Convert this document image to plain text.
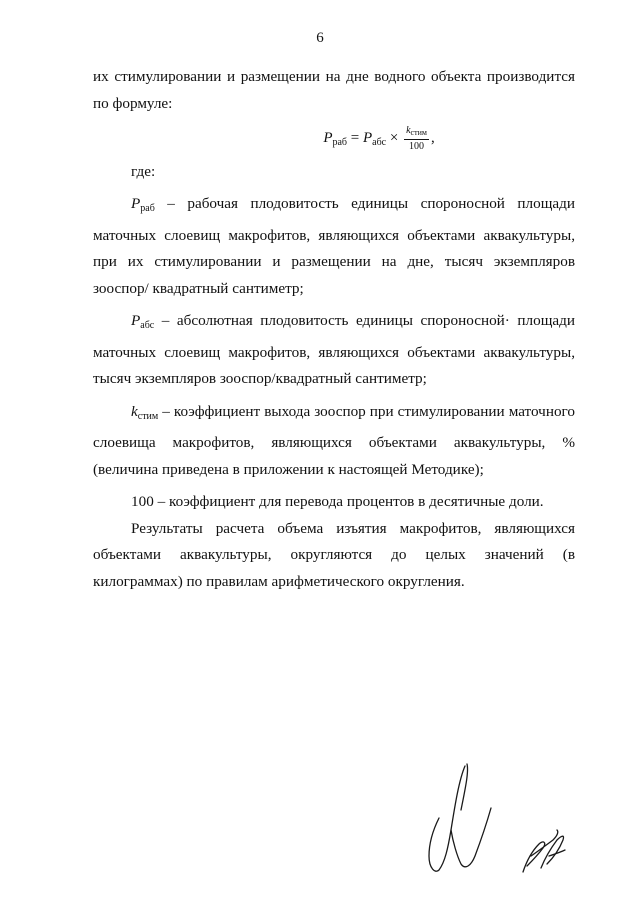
6

их стимулировании и размещении на дне водного объекта производится по формуле:

$P_{раб} = P_{абс} \times \frac{k_{стим}}{100}$ ,

где:

$P_{раб}$ – рабочая плодовитость единицы спороносной площади маточных слоевищ макрофитов, являющихся объектами аквакультуры, при их стимулировании и размещении на дне, тысяч экземпляров зооспор/ квадратный сантиметр;

$P_{абс}$ – абсолютная плодовитость единицы спороносной· площади маточных слоевищ макрофитов, являющихся объектами аквакультуры, тысяч экземпляров зооспор/квадратный сантиметр;

$k_{стим}$ – коэффициент выхода зооспор при стимулировании маточного слоевища макрофитов, являющихся объектами аквакультуры, % (величина приведена в приложении к настоящей Методике);

100 – коэффициент для перевода процентов в десятичные доли.

Результаты расчета объема изъятия макрофитов, являющихся объектами аквакультуры, округляются до целых значений (в килограммах) по правилам арифметического округления.
